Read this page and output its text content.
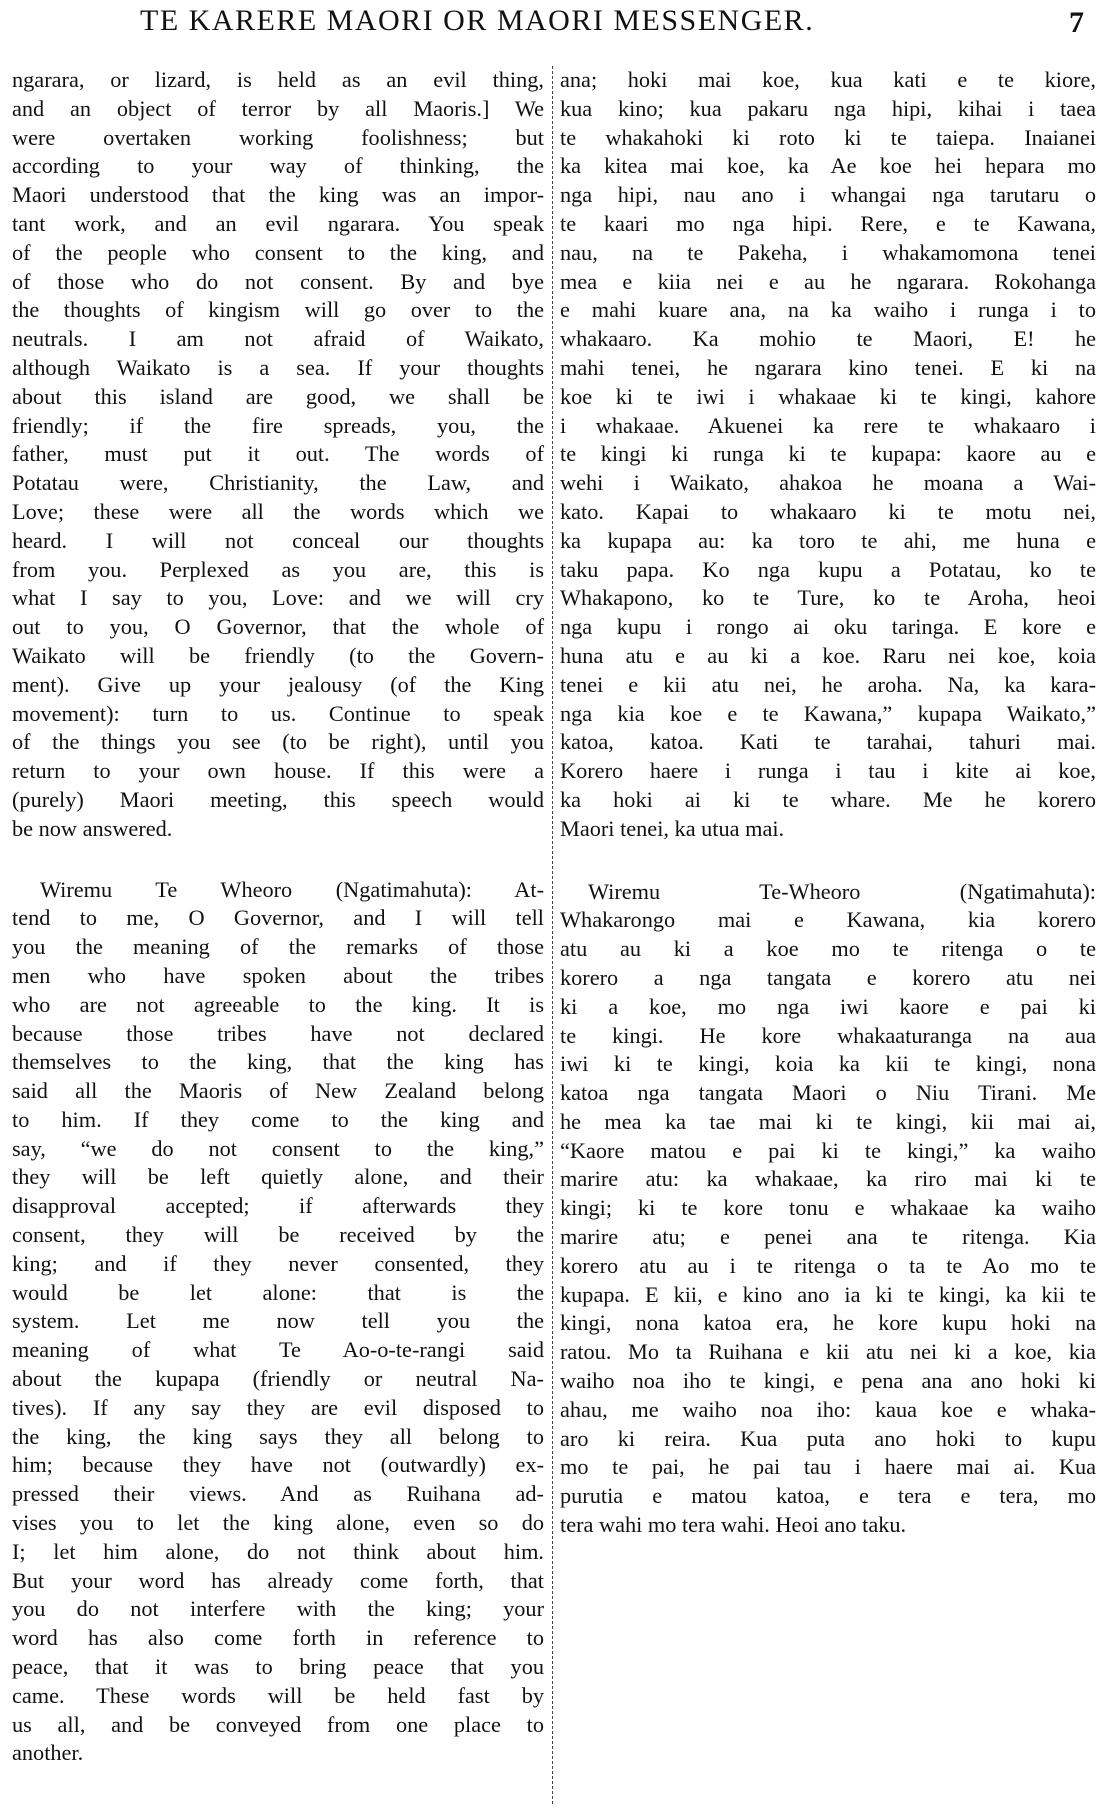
TE KARERE MAORI OR MAORI MESSENGER.	7
ngarara, or lizard, is held as an evil thing,
and an object of terror by all Maoris.] We
were overtaken working foolishness; but
according to your way of thinking, the
Maori understood that the king was an impor-
tant work, and an evil ngarara. You speak
of the people who consent to the king, and
of those who do not consent. By and bye
the thoughts of kingism will go over to the
neutrals. I am not afraid of Waikato,
although Waikato is a sea. If your thoughts
about this island are good, we shall be
friendly; if the fire spreads, you, the
father, must put it out. The words of
Potatau were, Christianity, the Law, and
Love; these were all the words which we
heard. I will not conceal our thoughts
from you. Perplexed as you are, this is
what I say to you, Love: and we will cry
out to you, O Governor, that the whole of
Waikato will be friendly (to the Govern-
ment). Give up your jealousy (of the King
movement): turn to us. Continue to speak
of the things you see (to be right), until you
return to your own house. If this were a
(purely) Maori meeting, this speech would
be now answered.
Wiremu Te Wheoro (Ngatimahuta): At-
tend to me, O Governor, and I will tell
you the meaning of the remarks of those
men who have spoken about the tribes
who are not agreeable to the king. It is
because those tribes have not declared
themselves to the king, that the king has
said all the Maoris of New Zealand belong
to him. If they come to the king and
say, “we do not consent to the king,”
they will be left quietly alone, and their
disapproval accepted; if afterwards they
consent, they will be received by the
king; and if they never consented, they
would be let alone: that is the
system. Let me now tell you the
meaning of what Te Ao-o-te-rangi said
about the kupapa (friendly or neutral Na-
tives). If any say they are evil disposed to
the king, the king says they all belong to
him; because they have not (outwardly) ex-
pressed their views. And as Ruihana ad-
vises you to let the king alone, even so do
I; let him alone, do not think about him.
But your word has already come forth, that
you do not interfere with the king; your
word has also come forth in reference to
peace, that it was to bring peace that you
came. These words will be held fast by
us all, and be conveyed from one place to
another.
ana; hoki mai koe, kua kati e te kiore,
kua kino; kua pakaru nga hipi, kihai i taea
te whakahoki ki roto ki te taiepa. Inaianei
ka kitea mai koe, ka Ae koe hei hepara mo
nga hipi, nau ano i whangai nga tarutaru o
te kaari mo nga hipi. Rere, e te Kawana,
nau, na te Pakeha, i whakamomona tenei
mea e kiia nei e au he ngarara. Rokohanga
e mahi kuare ana, na ka waiho i runga i to
whakaaro. Ka mohio te Maori, E! he
mahi tenei, he ngarara kino tenei. E ki na
koe ki te iwi i whakaae ki te kingi, kahore
i whakaae. Akuenei ka rere te whakaaro i
te kingi ki runga ki te kupapa: kaore au e
wehi i Waikato, ahakoa he moana a Wai-
kato. Kapai to whakaaro ki te motu nei,
ka kupapa au: ka toro te ahi, me huna e
taku papa. Ko nga kupu a Potatau, ko te
Whakapono, ko te Ture, ko te Aroha, heoi
nga kupu i rongo ai oku taringa. E kore e
huna atu e au ki a koe. Raru nei koe, koia
tenei e kii atu nei, he aroha. Na, ka kara-
nga kia koe e te Kawana,” kupapa Waikato,”
katoa, katoa. Kati te tarahai, tahuri mai.
Korero haere i runga i tau i kite ai koe,
ka hoki ai ki te whare. Me he korero
Maori tenei, ka utua mai.
Wiremu Te-Wheoro (Ngatimahuta):
Whakarongo mai e Kawana, kia korero
atu au ki a koe mo te ritenga o te
korero a nga tangata e korero atu nei
ki a koe, mo nga iwi kaore e pai ki
te kingi. He kore whakaaturanga na aua
iwi ki te kingi, koia ka kii te kingi, nona
katoa nga tangata Maori o Niu Tirani. Me
he mea ka tae mai ki te kingi, kii mai ai,
“Kaore matou e pai ki te kingi,” ka waiho
marire atu: ka whakaae, ka riro mai ki te
kingi; ki te kore tonu e whakaae ka waiho
marire atu; e penei ana te ritenga. Kia
korero atu au i te ritenga o ta te Ao mo te
kupapa. E kii, e kino ano ia ki te kingi, ka kii te
kingi, nona katoa era, he kore kupu hoki na
ratou. Mo ta Ruihana e kii atu nei ki a koe, kia
waiho noa iho te kingi, e pena ana ano hoki ki
ahau, me waiho noa iho: kaua koe e whaka-
aro ki reira. Kua puta ano hoki to kupu
mo te pai, he pai tau i haere mai ai. Kua
purutia e matou katoa, e tera e tera, mo
tera wahi mo tera wahi. Heoi ano taku.
